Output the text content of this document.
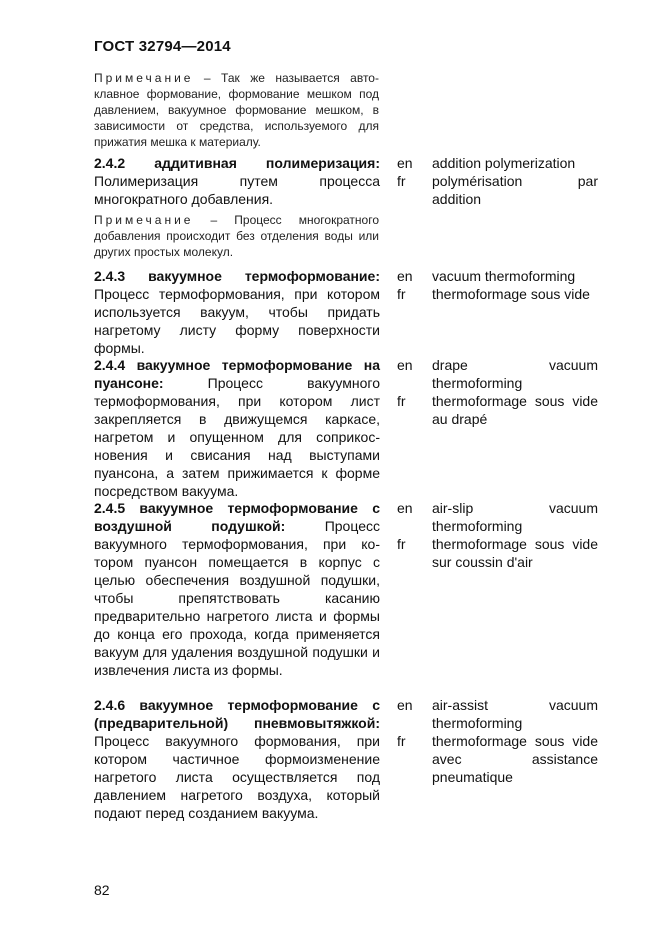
ГОСТ 32794—2014
Примечание – Так же называется автоклавное формование, формование мешком под давлением, вакуумное формование мешком, в зависимости от средства, используемого для прижатия мешка к материалу.
2.4.2 аддитивная полимеризация: Полимеризация путем процесса многократного добавления.
en
fr
addition polymerization
polymérisation par addition
Примечание – Процесс многократного добавления происходит без отделения воды или других простых молекул.
2.4.3 вакуумное термоформование: Процесс термоформования, при котором используется вакуум, чтобы придать нагретому листу форму поверхности формы.
en
fr
vacuum thermoforming
thermoformage sous vide
2.4.4 вакуумное термоформование на пуансоне:	Процесс вакуумного термоформования, при котором лист закрепляется в движущемся каркасе, нагретом и опущенном для соприкосновения и свисания над выступами пуансона, а затем прижимается к форме посредством вакуума.
en
fr
drape vacuum thermoforming
thermoformage sous vide au drapé
2.4.5 вакуумное термоформование с воздушной подушкой:	Процесс вакуумного термоформования, при котором пуансон помещается в корпус с целью обеспечения воздушной подушки, чтобы препятствовать касанию предварительно нагретого листа и формы до конца его прохода, когда применяется вакуум для удаления воздушной подушки и извлечения листа из формы.
en
fr
air-slip vacuum thermoforming
thermoformage sous vide sur coussin d'air
2.4.6 вакуумное термоформование с (предварительной) пневмовытяжкой: Процесс вакуумного формования, при котором частичное формоизменение нагретого листа осуществляется под давлением нагретого воздуха, который подают перед созданием вакуума.
en
fr
air-assist vacuum thermoforming
thermoformage sous vide avec assistance pneumatique
82
